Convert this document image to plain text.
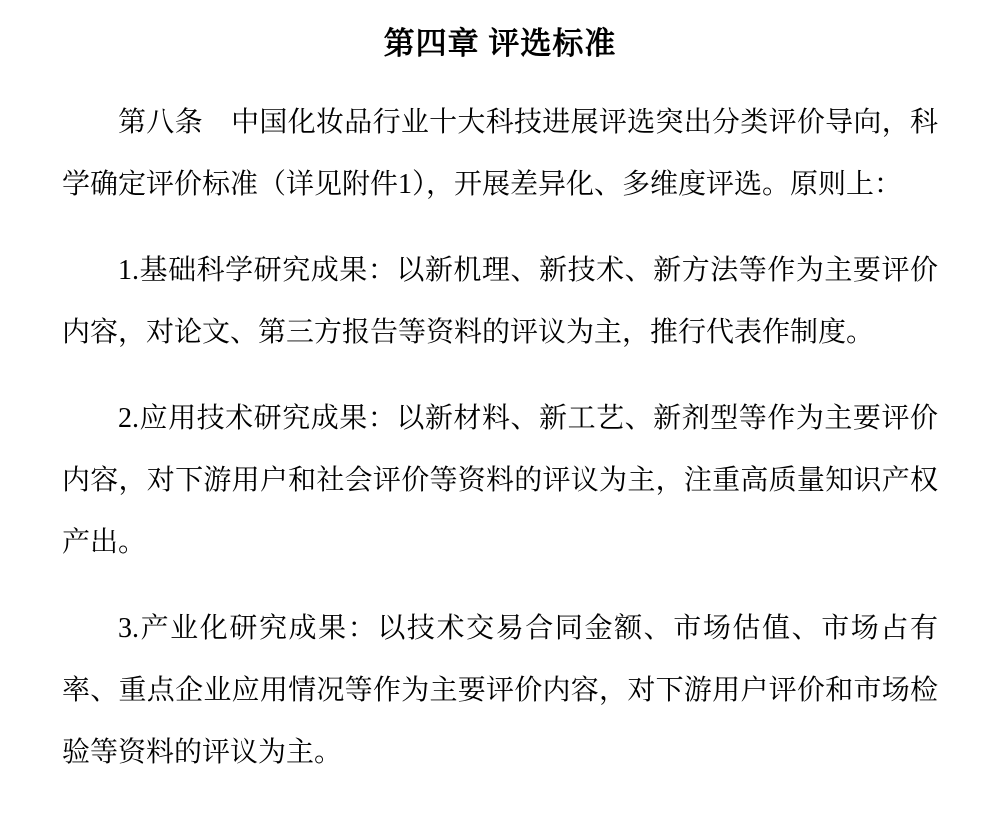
第四章 评选标准

第八条　中国化妆品行业十大科技进展评选突出分类评价导向，科学确定评价标准（详见附件1），开展差异化、多维度评选。原则上：

1.基础科学研究成果：以新机理、新技术、新方法等作为主要评价内容，对论文、第三方报告等资料的评议为主，推行代表作制度。

2.应用技术研究成果：以新材料、新工艺、新剂型等作为主要评价内容，对下游用户和社会评价等资料的评议为主，注重高质量知识产权产出。

3.产业化研究成果：以技术交易合同金额、市场估值、市场占有率、重点企业应用情况等作为主要评价内容，对下游用户评价和市场检验等资料的评议为主。
